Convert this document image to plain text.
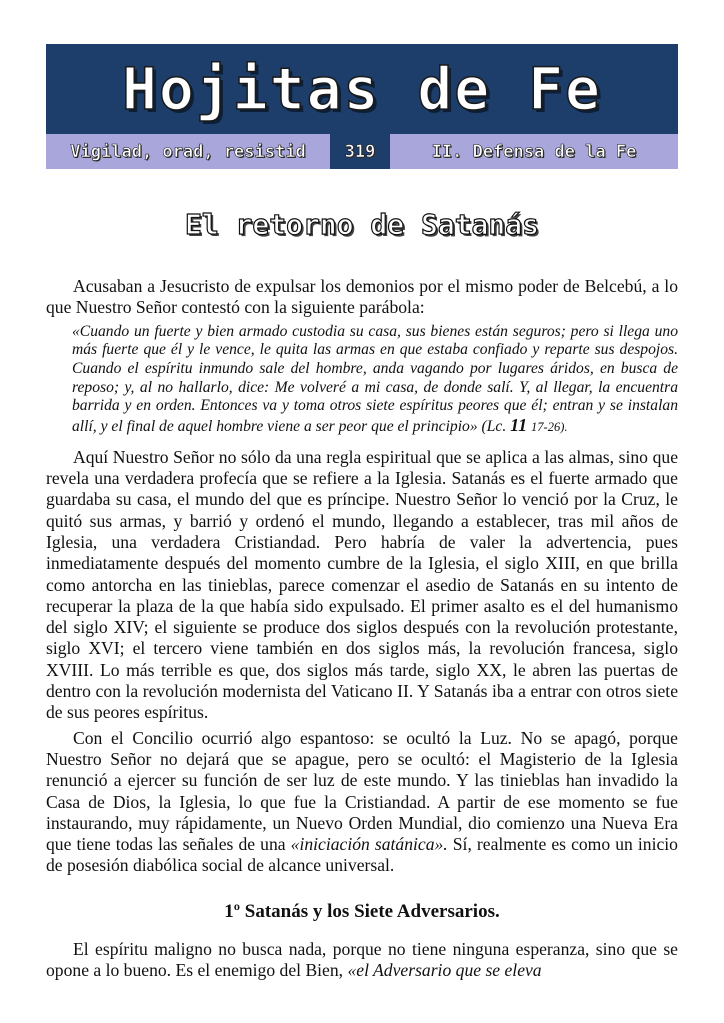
Hojitas de Fe
Vigilad, orad, resistid	319	II. Defensa de la Fe
El retorno de Satanás

Acusaban a Jesucristo de expulsar los demonios por el mismo poder de Belcebú, a lo que Nuestro Señor contestó con la siguiente parábola:

«Cuando un fuerte y bien armado custodia su casa, sus bienes están seguros; pero si llega uno más fuerte que él y le vence, le quita las armas en que estaba confiado y reparte sus despojos. Cuando el espíritu inmundo sale del hombre, anda vagando por lugares áridos, en busca de reposo; y, al no hallarlo, dice: Me volveré a mi casa, de donde salí. Y, al llegar, la encuentra barrida y en orden. Entonces va y toma otros siete espíritus peores que él; entran y se instalan allí, y el final de aquel hombre viene a ser peor que el principio» (Lc. 11 17-26).

Aquí Nuestro Señor no sólo da una regla espiritual que se aplica a las almas, sino que revela una verdadera profecía que se refiere a la Iglesia. Satanás es el fuerte armado que guardaba su casa, el mundo del que es príncipe. Nuestro Señor lo venció por la Cruz, le quitó sus armas, y barrió y ordenó el mundo, llegando a establecer, tras mil años de Iglesia, una verdadera Cristiandad. Pero habría de valer la advertencia, pues inmediatamente después del momento cumbre de la Iglesia, el siglo XIII, en que brilla como antorcha en las tinieblas, parece comenzar el asedio de Satanás en su intento de recuperar la plaza de la que había sido expulsado. El primer asalto es el del humanismo del siglo XIV; el siguiente se produce dos siglos después con la revolución protestante, siglo XVI; el tercero viene también en dos siglos más, la revolución francesa, siglo XVIII. Lo más terrible es que, dos siglos más tarde, siglo XX, le abren las puertas de dentro con la revolución modernista del Vaticano II. Y Satanás iba a entrar con otros siete de sus peores espíritus.

Con el Concilio ocurrió algo espantoso: se ocultó la Luz. No se apagó, porque Nuestro Señor no dejará que se apague, pero se ocultó: el Magisterio de la Iglesia renunció a ejercer su función de ser luz de este mundo. Y las tinieblas han invadido la Casa de Dios, la Iglesia, lo que fue la Cristiandad. A partir de ese momento se fue instaurando, muy rápidamente, un Nuevo Orden Mundial, dio comienzo una Nueva Era que tiene todas las señales de una «iniciación satánica». Sí, realmente es como un inicio de posesión diabólica social de alcance universal.

1º Satanás y los Siete Adversarios.

El espíritu maligno no busca nada, porque no tiene ninguna esperanza, sino que se opone a lo bueno. Es el enemigo del Bien, «el Adversario que se eleva
